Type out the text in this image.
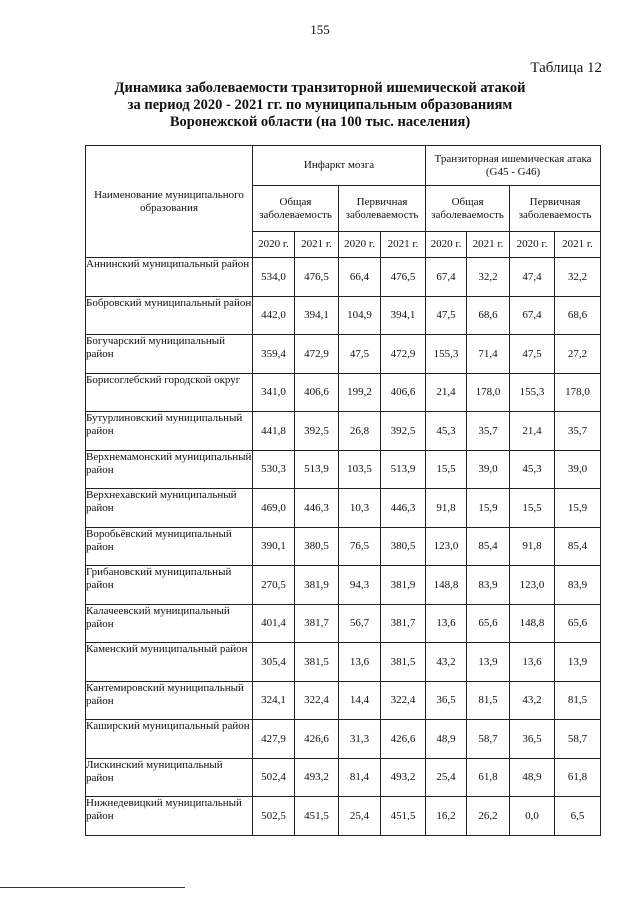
155
Таблица 12
Динамика заболеваемости транзиторной ишемической атакой
за период 2020 - 2021 гг. по муниципальным образованиям
Воронежской области (на 100 тыс. населения)
Наименование муниципального образования	Инфаркт мозга				Транзиторная ишемическая атака (G45 - G46)			
	Общая заболеваемость		Первичная заболеваемость		Общая заболеваемость		Первичная заболеваемость	
	2020 г.	2021 г.	2020 г.	2021 г.	2020 г.	2021 г.	2020 г.	2021 г.
Аннинский муниципальный район	534,0	476,5	66,4	476,5	67,4	32,2	47,4	32,2
Бобровский муниципальный район	442,0	394,1	104,9	394,1	47,5	68,6	67,4	68,6
Богучарский муниципальный район	359,4	472,9	47,5	472,9	155,3	71,4	47,5	27,2
Борисоглебский городской округ	341,0	406,6	199,2	406,6	21,4	178,0	155,3	178,0
Бутурлиновский муниципальный район	441,8	392,5	26,8	392,5	45,3	35,7	21,4	35,7
Верхнемамонский муниципальный район	530,3	513,9	103,5	513,9	15,5	39,0	45,3	39,0
Верхнехавский муниципальный район	469,0	446,3	10,3	446,3	91,8	15,9	15,5	15,9
Воробьёвский муниципальный район	390,1	380,5	76,5	380,5	123,0	85,4	91,8	85,4
Грибановский муниципальный район	270,5	381,9	94,3	381,9	148,8	83,9	123,0	83,9
Калачеевский муниципальный район	401,4	381,7	56,7	381,7	13,6	65,6	148,8	65,6
Каменский муниципальный район	305,4	381,5	13,6	381,5	43,2	13,9	13,6	13,9
Кантемировский муниципальный район	324,1	322,4	14,4	322,4	36,5	81,5	43,2	81,5
Каширский муниципальный район	427,9	426,6	31,3	426,6	48,9	58,7	36,5	58,7
Лискинский муниципальный район	502,4	493,2	81,4	493,2	25,4	61,8	48,9	61,8
Нижнедевицкий муниципальный район	502,5	451,5	25,4	451,5	16,2	26,2	0,0	6,5
